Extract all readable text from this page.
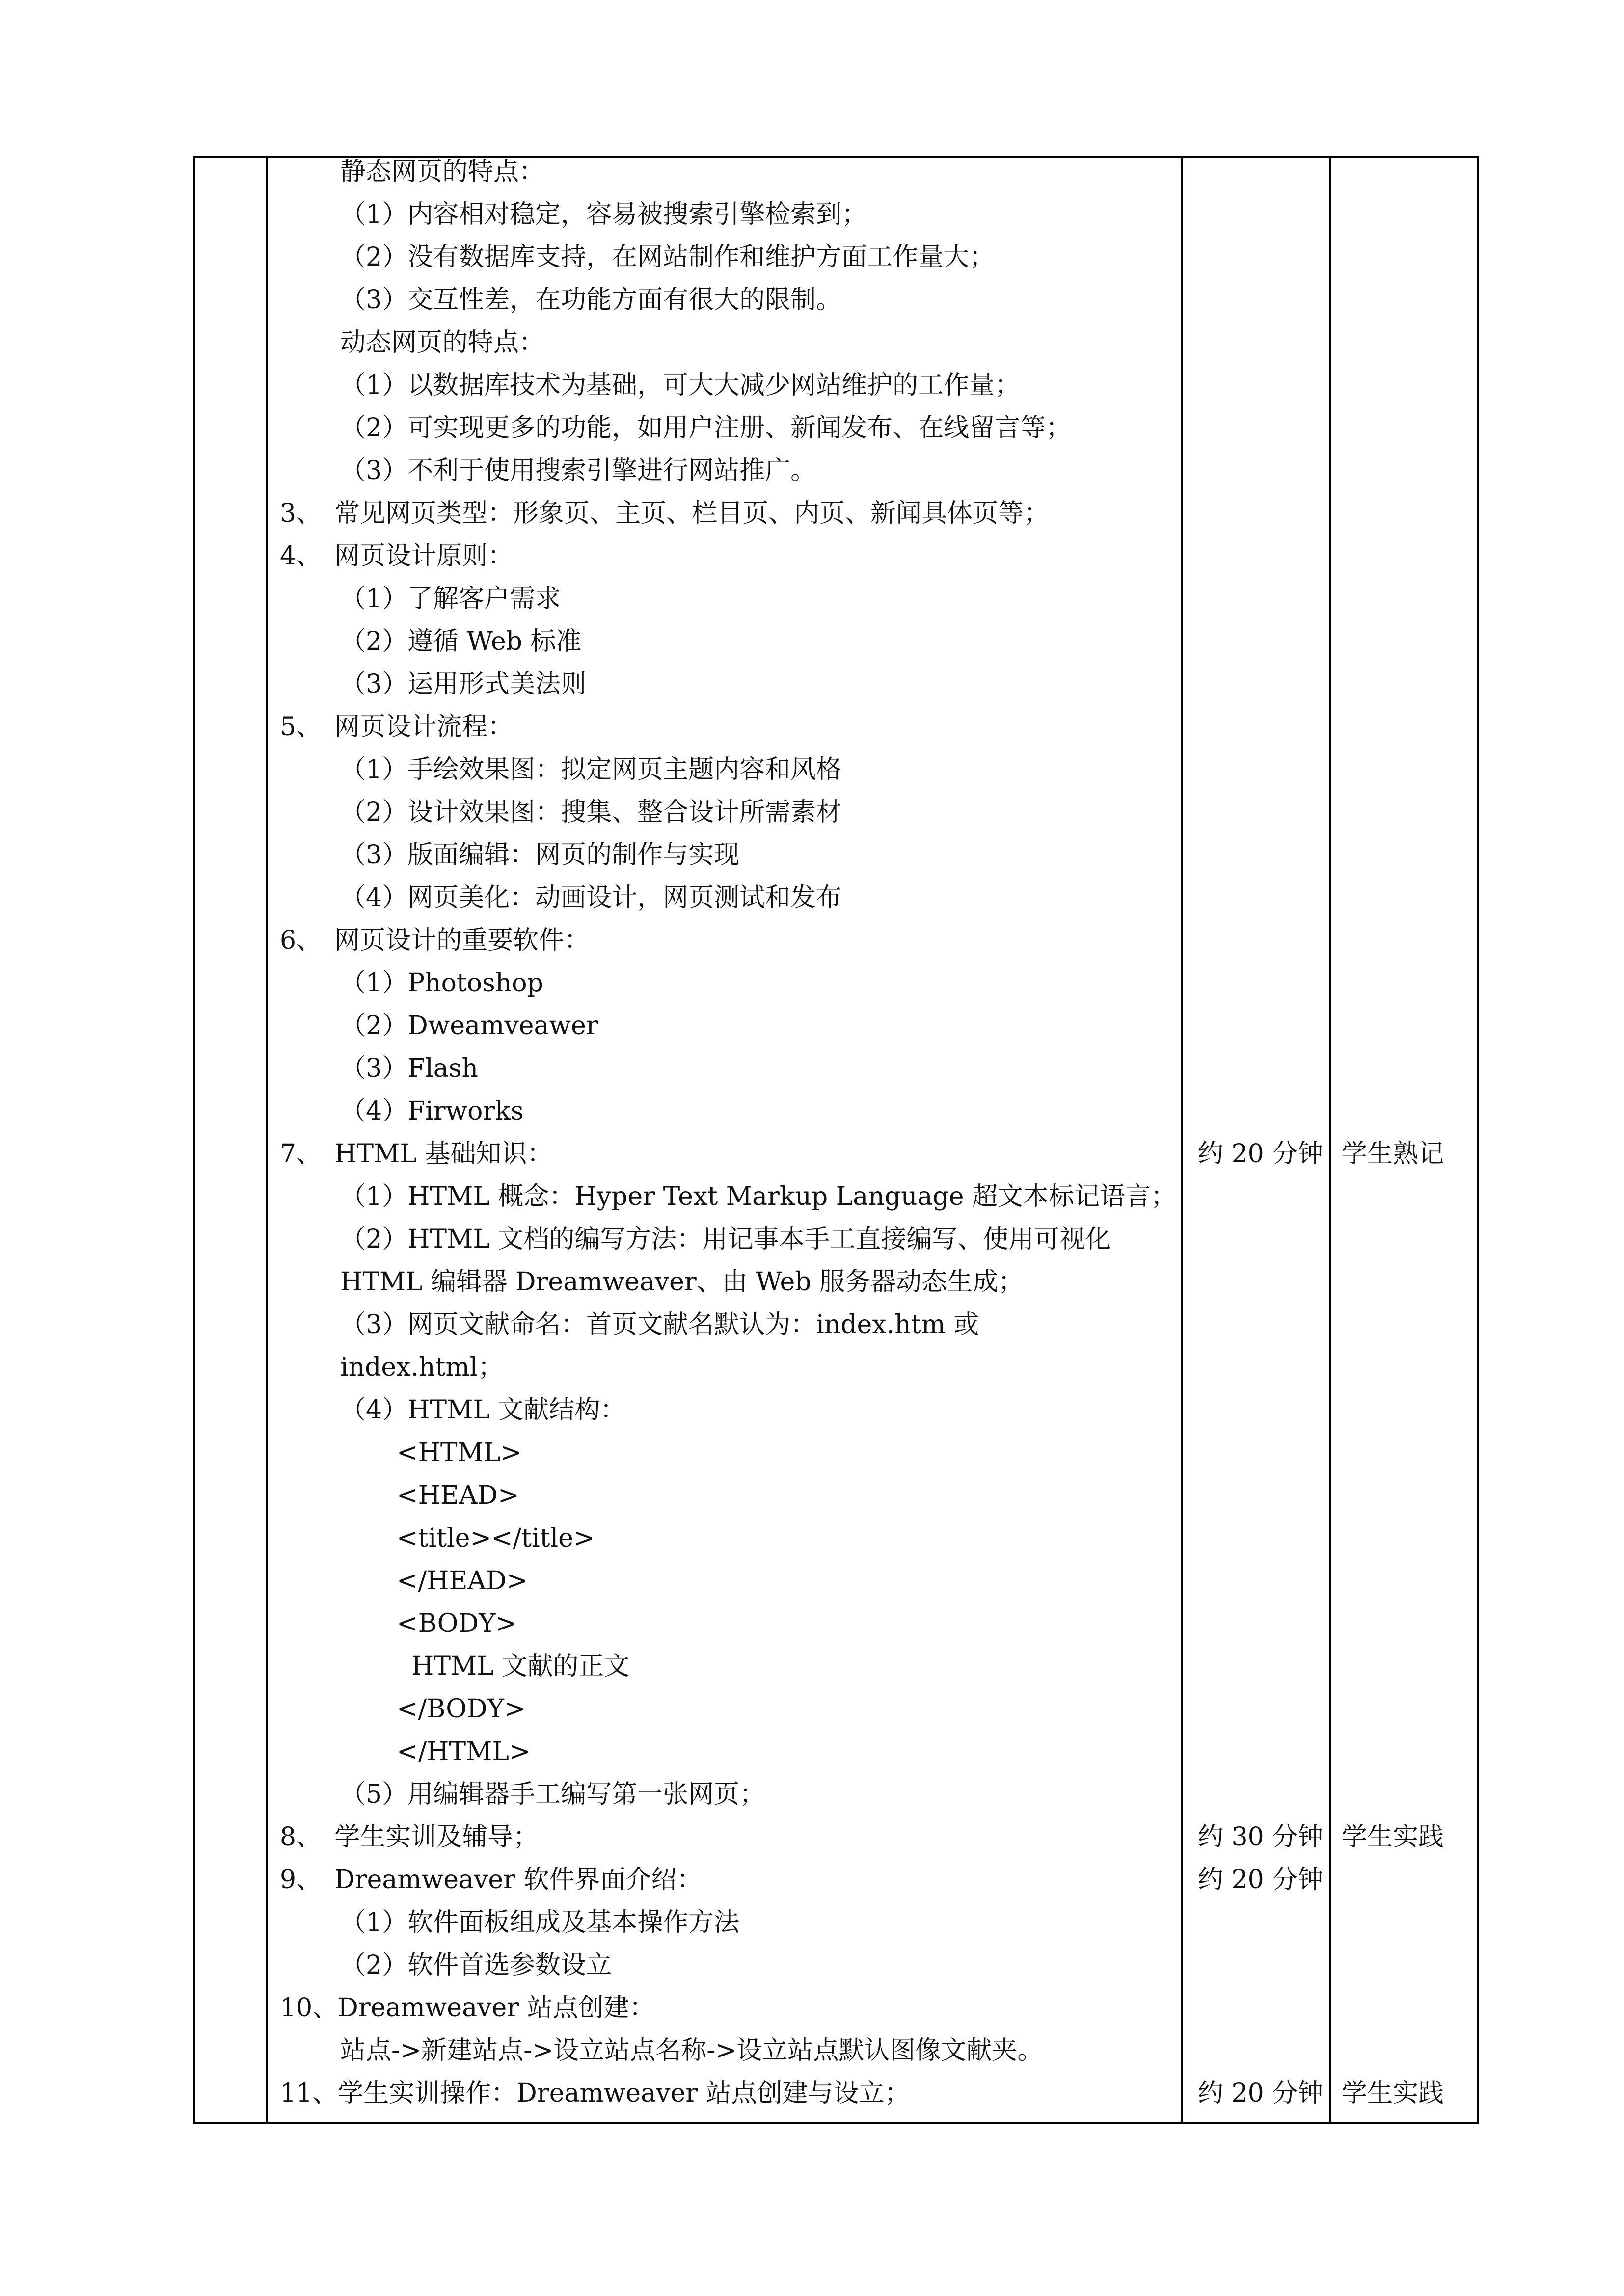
静态网页的特点：
（1）内容相对稳定，容易被搜索引擎检索到；
（2）没有数据库支持，在网站制作和维护方面工作量大；
（3）交互性差，在功能方面有很大的限制。
动态网页的特点：
（1）以数据库技术为基础，可大大减少网站维护的工作量；
（2）可实现更多的功能，如用户注册、新闻发布、在线留言等；
（3）不利于使用搜索引擎进行网站推广。
3、　常见网页类型：形象页、主页、栏目页、内页、新闻具体页等；
4、　网页设计原则：
（1）了解客户需求
（2）遵循 Web 标准
（3）运用形式美法则
5、　网页设计流程：
（1）手绘效果图：拟定网页主题内容和风格
（2）设计效果图：搜集、整合设计所需素材
（3）版面编辑：网页的制作与实现
（4）网页美化：动画设计，网页测试和发布
6、　网页设计的重要软件：
（1）Photoshop
（2）Dweamveawer
（3）Flash
（4）Firworks
7、　HTML 基础知识：
（1）HTML 概念：Hyper Text Markup Language 超文本标记语言；
（2）HTML 文档的编写方法：用记事本手工直接编写、使用可视化
HTML 编辑器 Dreamweaver、由 Web 服务器动态生成；
（3）网页文献命名：首页文献名默认为：index.htm 或
index.html；
（4）HTML 文献结构：
<HTML>
<HEAD>
<title></title>
</HEAD>
<BODY>
HTML 文献的正文
</BODY>
</HTML>
（5）用编辑器手工编写第一张网页；
8、　学生实训及辅导；
9、　Dreamweaver 软件界面介绍：
（1）软件面板组成及基本操作方法
（2）软件首选参数设立
10、Dreamweaver 站点创建：
站点->新建站点->设立站点名称->设立站点默认图像文献夹。
11、学生实训操作：Dreamweaver 站点创建与设立；
约 20 分钟
约 30 分钟
约 20 分钟
约 20 分钟
学生熟记
学生实践
学生实践
